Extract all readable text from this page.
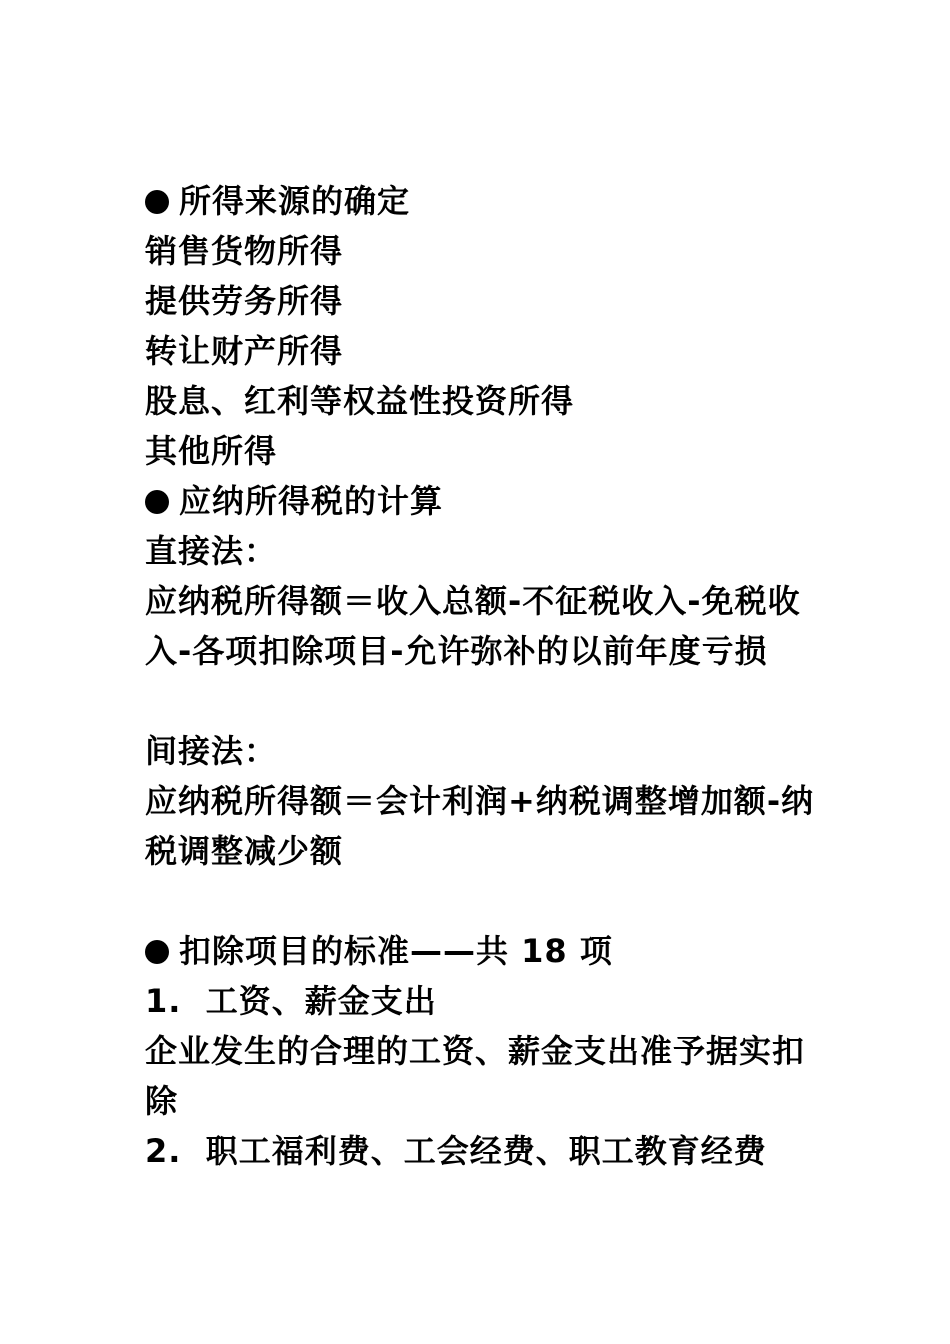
所得来源的确定
销售货物所得
提供劳务所得
转让财产所得
股息、红利等权益性投资所得
其他所得
应纳所得税的计算
直接法：
应纳税所得额＝收入总额-不征税收入-免税收入-各项扣除项目-允许弥补的以前年度亏损
间接法：
应纳税所得额＝会计利润+纳税调整增加额-纳税调整减少额
扣除项目的标准——共 18 项
1.  工资、薪金支出
企业发生的合理的工资、薪金支出准予据实扣除
2.  职工福利费、工会经费、职工教育经费
